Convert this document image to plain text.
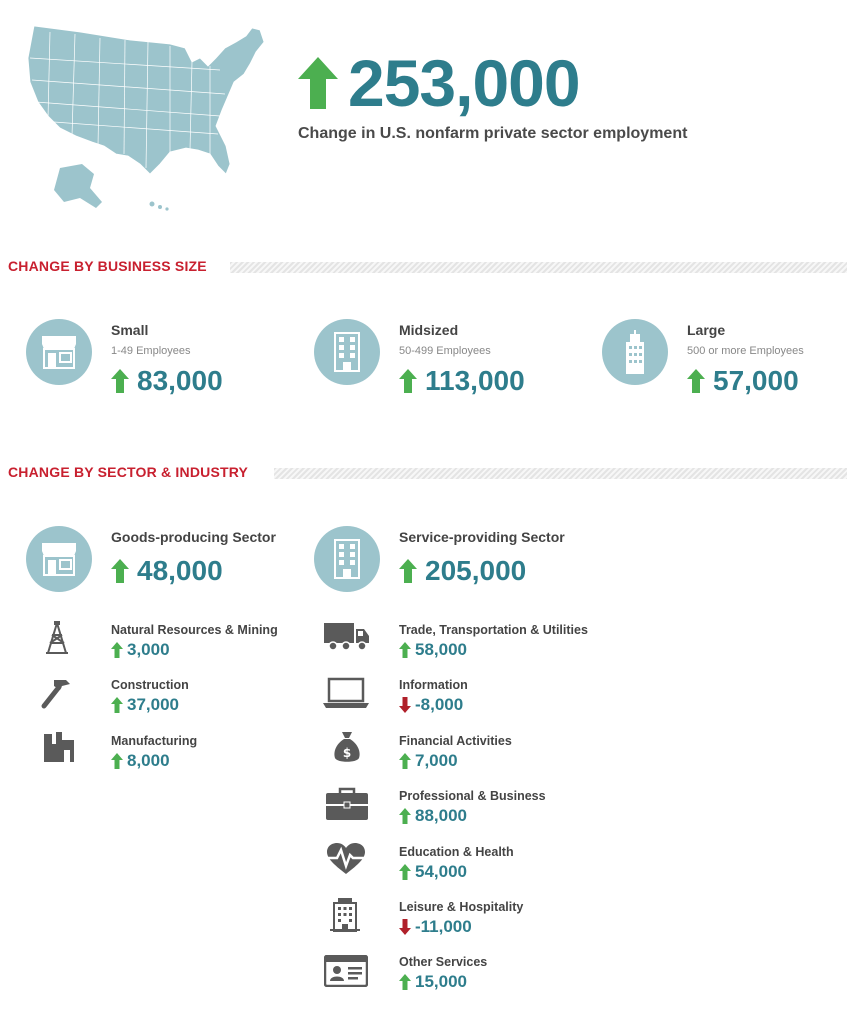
253,000
Change in U.S. nonfarm private sector employment
CHANGE BY BUSINESS SIZE
Small
1-49 Employees
83,000
Midsized
50-499 Employees
113,000
Large
500 or more Employees
57,000
CHANGE BY SECTOR & INDUSTRY
Goods-producing Sector
48,000
Service-providing Sector
205,000
Natural Resources & Mining
3,000
Construction
37,000
Manufacturing
8,000
Trade, Transportation & Utilities
58,000
Information
-8,000
$
Financial Activities
7,000
Professional & Business
88,000
Education & Health
54,000
Leisure & Hospitality
-11,000
Other Services
15,000
